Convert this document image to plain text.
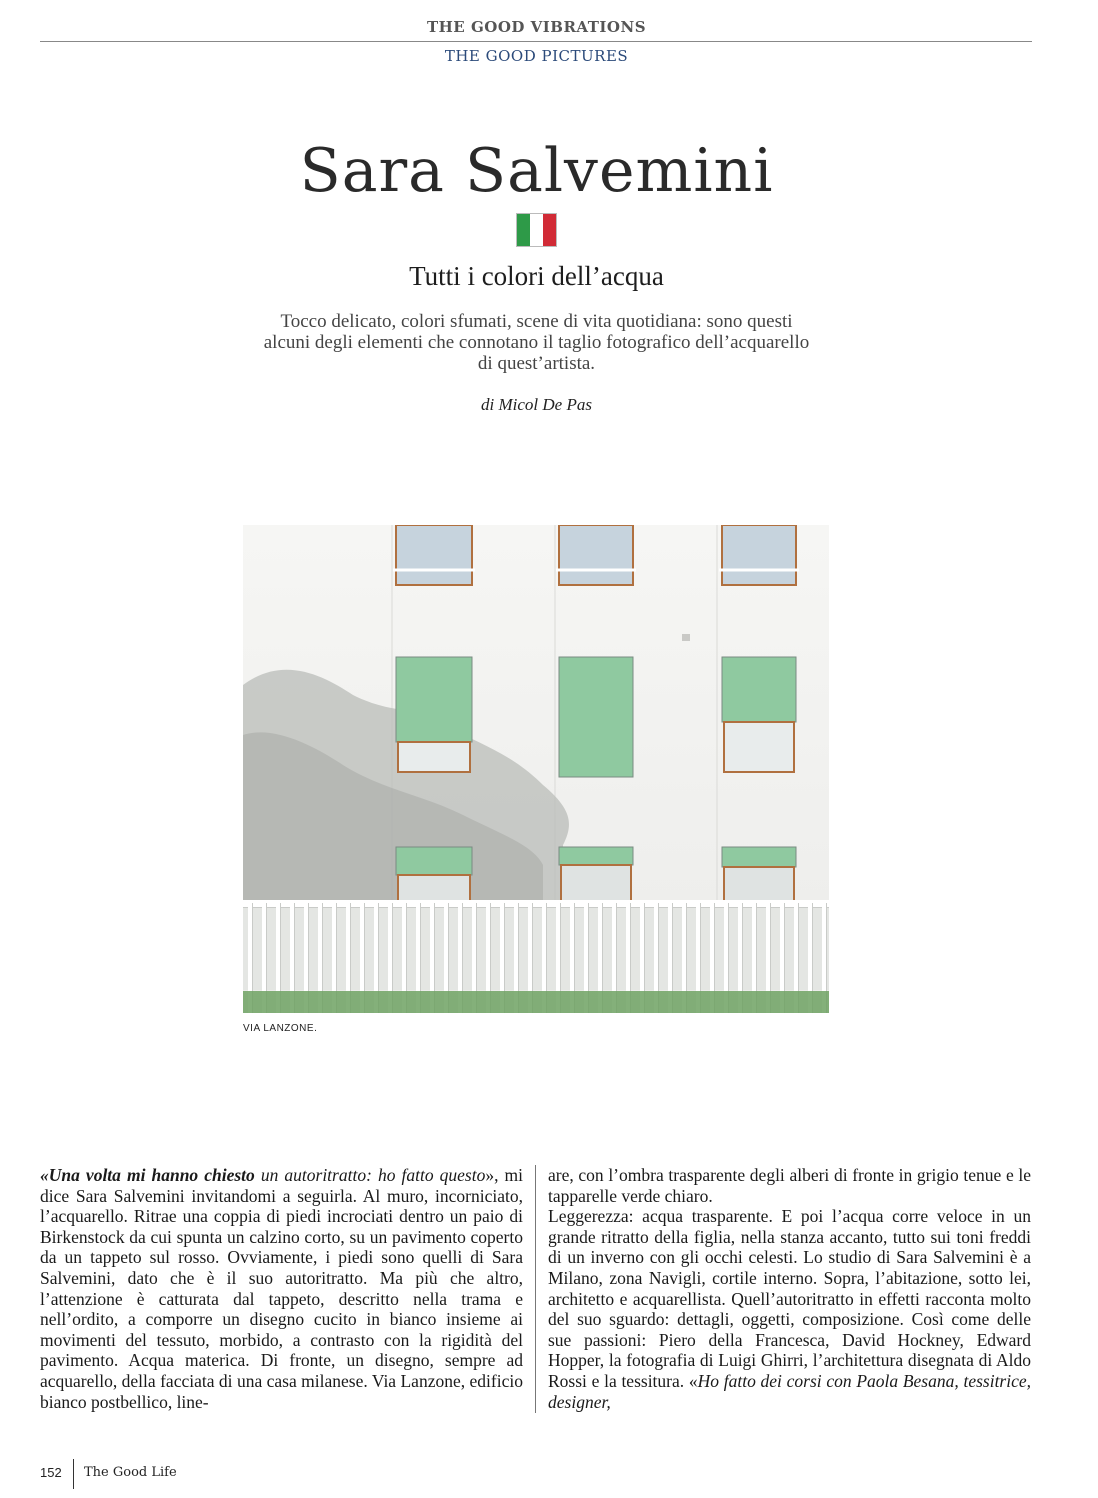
THE GOOD VIBRATIONS
THE GOOD PICTURES
Sara Salvemini
Tutti i colori dell’acqua
Tocco delicato, colori sfumati, scene di vita quotidiana: sono questi alcuni degli elementi che connotano il taglio fotografico dell’acquarello di quest’artista.
di Micol De Pas
VIA LANZONE.

«Una volta mi hanno chiesto un autoritratto: ho fatto questo», mi dice Sara Salvemini invitandomi a seguirla. Al muro, incorniciato, l’acquarello. Ritrae una coppia di piedi incrociati dentro un paio di Birkenstock da cui spunta un calzino corto, su un pavimento coperto da un tappeto sul rosso. Ovviamente, i piedi sono quelli di Sara Salvemini, dato che è il suo autoritratto. Ma più che altro, l’attenzione è catturata dal tappeto, descritto nella trama e nell’ordito, a comporre un disegno cucito in bianco insieme ai movimenti del tessuto, morbido, a contrasto con la rigidità del pavimento. Acqua materica. Di fronte, un disegno, sempre ad acquarello, della facciata di una casa milanese. Via Lanzone, edificio bianco postbellico, line-

are, con l’ombra trasparente degli alberi di fronte in grigio tenue e le tapparelle verde chiaro.

Leggerezza: acqua trasparente. E poi l’acqua corre veloce in un grande ritratto della figlia, nella stanza accanto, tutto sui toni freddi di un inverno con gli occhi celesti. Lo studio di Sara Salvemini è a Milano, zona Navigli, cortile interno. Sopra, l’abitazione, sotto lei, architetto e acquarellista. Quell’autoritratto in effetti racconta molto del suo sguardo: dettagli, oggetti, composizione. Così come delle sue passioni: Piero della Francesca, David Hockney, Edward Hopper, la fotografia di Luigi Ghirri, l’architettura disegnata di Aldo Rossi e la tessitura. «Ho fatto dei corsi con Paola Besana, tessitrice, designer,

152 The Good Life
